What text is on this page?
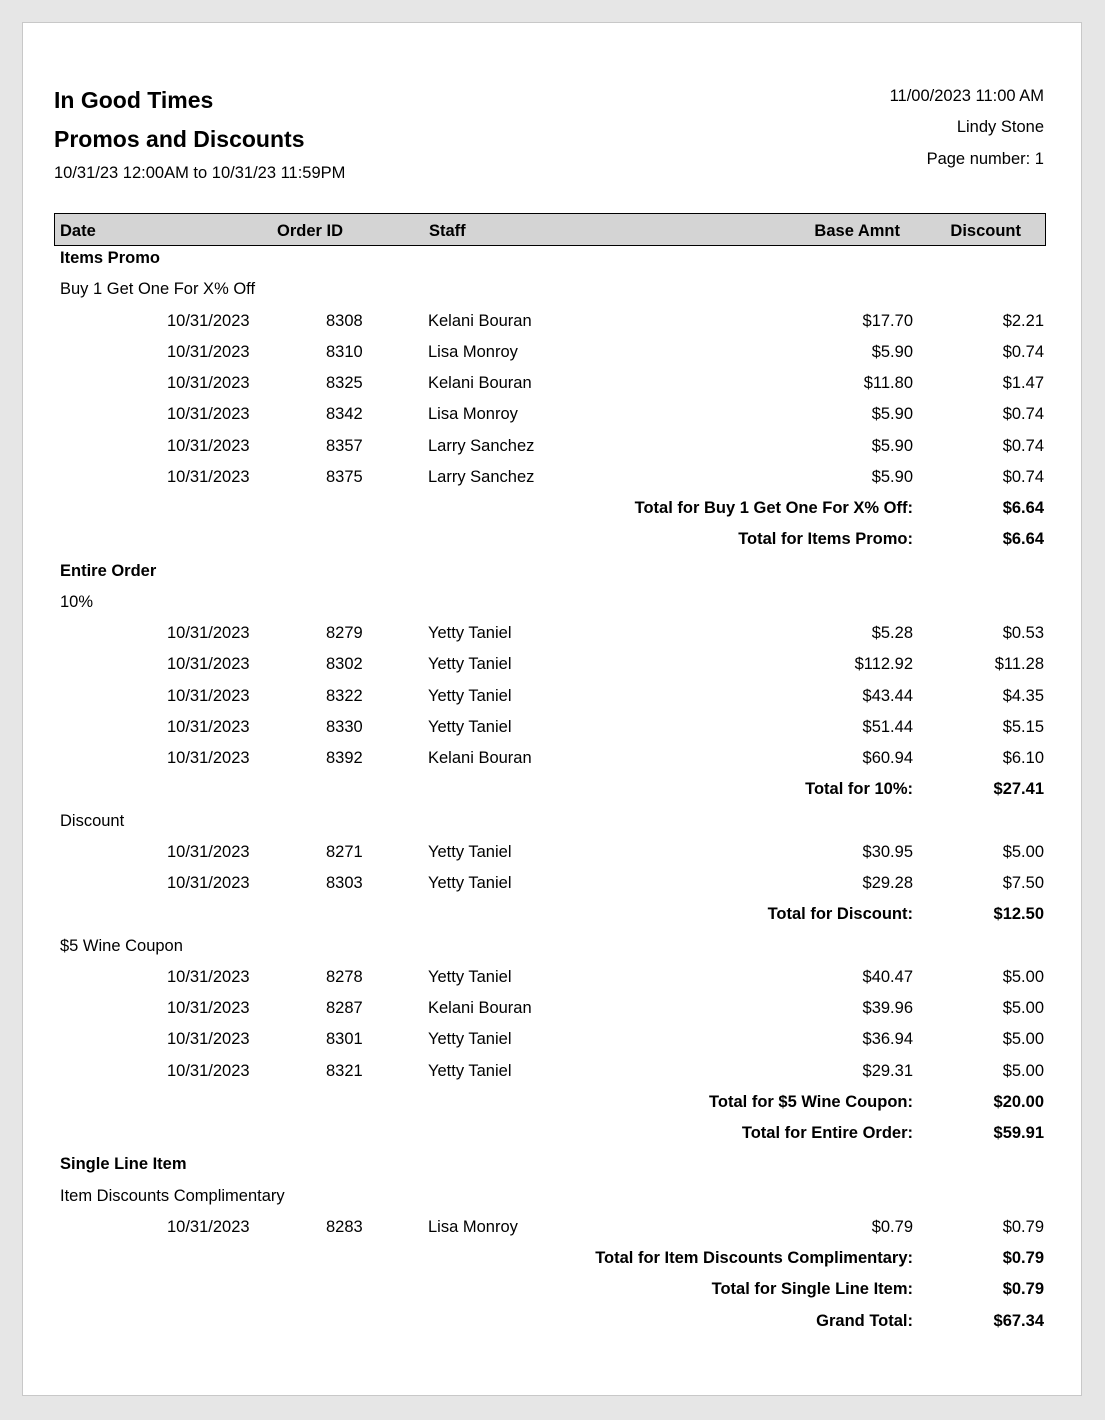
In Good Times
Promos and Discounts
10/31/23 12:00AM to 10/31/23 11:59PM
11/00/2023 11:00 AM
Lindy Stone
Page number: 1
Date	Order ID	Staff	Base Amnt	Discount
Items Promo
Buy 1 Get One For X% Off
10/31/2023	8308	Kelani Bouran	$17.70	$2.21
10/31/2023	8310	Lisa Monroy	$5.90	$0.74
10/31/2023	8325	Kelani Bouran	$11.80	$1.47
10/31/2023	8342	Lisa Monroy	$5.90	$0.74
10/31/2023	8357	Larry Sanchez	$5.90	$0.74
10/31/2023	8375	Larry Sanchez	$5.90	$0.74
Total for Buy 1 Get One For X% Off:	$6.64
Total for Items Promo:	$6.64
Entire Order
10%
10/31/2023	8279	Yetty Taniel	$5.28	$0.53
10/31/2023	8302	Yetty Taniel	$112.92	$11.28
10/31/2023	8322	Yetty Taniel	$43.44	$4.35
10/31/2023	8330	Yetty Taniel	$51.44	$5.15
10/31/2023	8392	Kelani Bouran	$60.94	$6.10
Total for 10%:	$27.41
Discount
10/31/2023	8271	Yetty Taniel	$30.95	$5.00
10/31/2023	8303	Yetty Taniel	$29.28	$7.50
Total for Discount:	$12.50
$5 Wine Coupon
10/31/2023	8278	Yetty Taniel	$40.47	$5.00
10/31/2023	8287	Kelani Bouran	$39.96	$5.00
10/31/2023	8301	Yetty Taniel	$36.94	$5.00
10/31/2023	8321	Yetty Taniel	$29.31	$5.00
Total for $5 Wine Coupon:	$20.00
Total for Entire Order:	$59.91
Single Line Item
Item Discounts Complimentary
10/31/2023	8283	Lisa Monroy	$0.79	$0.79
Total for Item Discounts Complimentary:	$0.79
Total for Single Line Item:	$0.79
Grand Total:	$67.34
